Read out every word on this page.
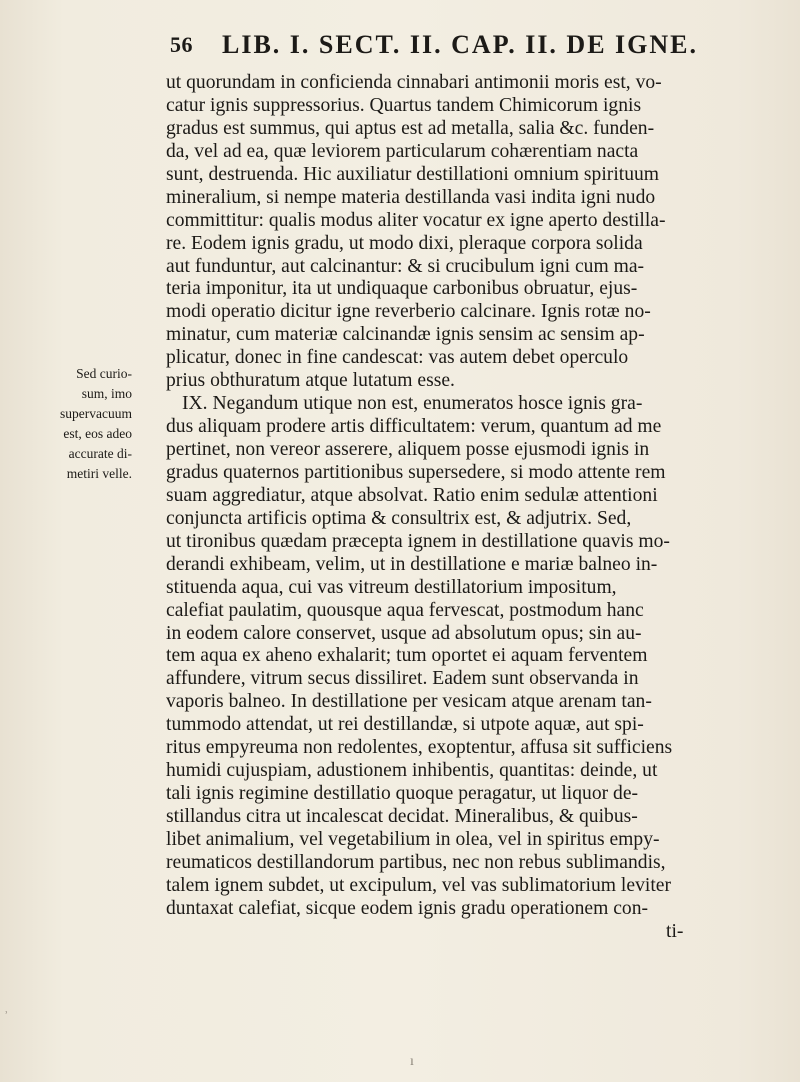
56 LIB. I. SECT. II. CAP. II. DE IGNE.
Sed curio-
sum, imo
supervacuum
est, eos adeo
accurate di-
metiri velle.
ut quorundam in conficienda cinnabari antimonii moris est, vo-
catur ignis suppressorius. Quartus tandem Chimicorum ignis
gradus est summus, qui aptus est ad metalla, salia &c. funden-
da, vel ad ea, quæ leviorem particularum cohærentiam nacta
sunt, destruenda. Hic auxiliatur destillationi omnium spirituum
mineralium, si nempe materia destillanda vasi indita igni nudo
committitur: qualis modus aliter vocatur ex igne aperto destilla-
re. Eodem ignis gradu, ut modo dixi, pleraque corpora solida
aut funduntur, aut calcinantur: & si crucibulum igni cum ma-
teria imponitur, ita ut undiquaque carbonibus obruatur, ejus-
modi operatio dicitur igne reverberio calcinare. Ignis rotæ no-
minatur, cum materiæ calcinandæ ignis sensim ac sensim ap-
plicatur, donec in fine candescat: vas autem debet operculo
prius obthuratum atque lutatum esse.
IX. Negandum utique non est, enumeratos hosce ignis gra-
dus aliquam prodere artis difficultatem: verum, quantum ad me
pertinet, non vereor asserere, aliquem posse ejusmodi ignis in
gradus quaternos partitionibus supersedere, si modo attente rem
suam aggrediatur, atque absolvat. Ratio enim sedulæ attentioni
conjuncta artificis optima & consultrix est, & adjutrix. Sed,
ut tironibus quædam præcepta ignem in destillatione quavis mo-
derandi exhibeam, velim, ut in destillatione e mariæ balneo in-
stituenda aqua, cui vas vitreum destillatorium impositum,
calefiat paulatim, quousque aqua fervescat, postmodum hanc
in eodem calore conservet, usque ad absolutum opus; sin au-
tem aqua ex aheno exhalarit; tum oportet ei aquam ferventem
affundere, vitrum secus dissiliret. Eadem sunt observanda in
vaporis balneo. In destillatione per vesicam atque arenam tan-
tummodo attendat, ut rei destillandæ, si utpote aquæ, aut spi-
ritus empyreuma non redolentes, exoptentur, affusa sit sufficiens
humidi cujuspiam, adustionem inhibentis, quantitas: deinde, ut
tali ignis regimine destillatio quoque peragatur, ut liquor de-
stillandus citra ut incalescat decidat. Mineralibus, & quibus-
libet animalium, vel vegetabilium in olea, vel in spiritus empy-
reumaticos destillandorum partibus, nec non rebus sublimandis,
talem ignem subdet, ut excipulum, vel vas sublimatorium leviter
duntaxat calefiat, sicque eodem ignis gradu operationem con-
ti-
ʾ
ı
